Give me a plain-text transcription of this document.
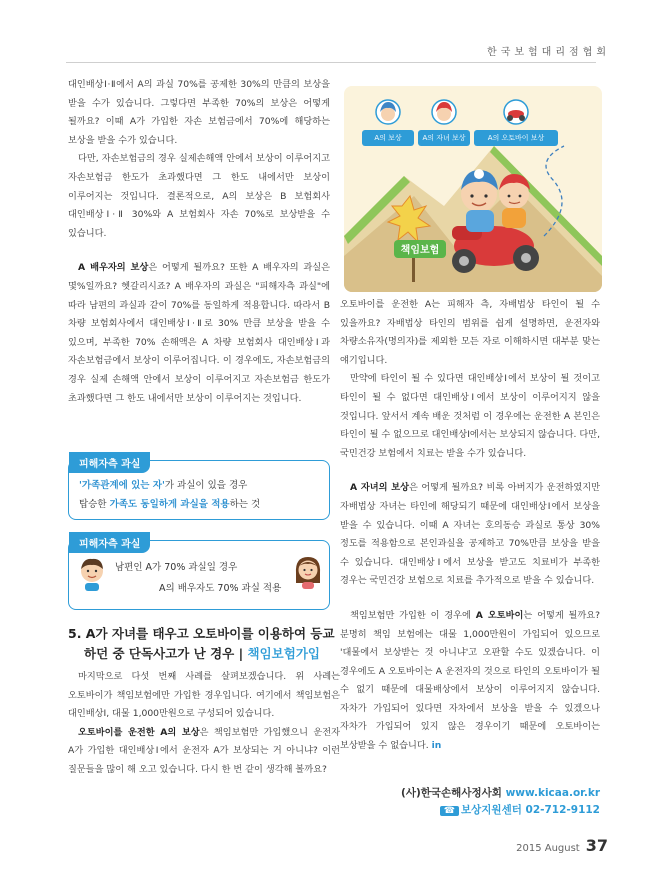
한국보험대리점협회

대인배상Ⅰ·Ⅱ에서 A의 과실 70%를 공제한 30%의 만큼의 보상을 받을 수가 있습니다. 그렇다면 부족한 70%의 보상은 어떻게 될까요? 이때 A가 가입한 자손 보험금에서 70%에 해당하는 보상을 받을 수가 있습니다.

다만, 자손보험금의 경우 실제손해액 안에서 보상이 이루어지고 자손보험금 한도가 초과했다면 그 한도 내에서만 보상이 이루어지는 것입니다. 결론적으로, A의 보상은 B 보험회사 대인배상Ⅰ·Ⅱ 30%와 A 보험회사 자손 70%로 보상받을 수 있습니다.

A 배우자의 보상은 어떻게 될까요? 또한 A 배우자의 과실은 몇%일까요? 헷갈리시죠? A 배우자의 과실은 "피해자측 과실"에 따라 남편의 과실과 같이 70%를 동일하게 적용합니다. 따라서 B 차량 보험회사에서 대인배상Ⅰ·Ⅱ로 30% 만큼 보상을 받을 수 있으며, 부족한 70% 손해액은 A 차량 보험회사 대인배상Ⅰ과 자손보험금에서 보상이 이루어집니다. 이 경우에도, 자손보험금의 경우 실제 손해액 안에서 보상이 이루어지고 자손보험금 한도가 초과했다면 그 한도 내에서만 보상이 이루어지는 것입니다.

피해자측 과실
'가족관계에 있는 자'가 과실이 있을 경우
탑승한 가족도 동일하게 과실을 적용하는 것
피해자측 과실
남편인 A가 70% 과실일 경우
A의 배우자도 70% 과실 적용
5. A가 자녀를 태우고 오토바이를 이용하여 등교
하던 중 단독사고가 난 경우 | 책임보험가입

마지막으로 다섯 번째 사례를 살펴보겠습니다. 위 사례는 오토바이가 책임보험에만 가입한 경우입니다. 여기에서 책임보험은 대인배상Ⅰ, 대물 1,000만원으로 구성되어 있습니다.

오토바이를 운전한 A의 보상은 책임보험만 가입했으니 운전자 A가 가입한 대인배상Ⅰ에서 운전자 A가 보상되는 거 아니냐? 이런 질문들을 많이 해 오고 있습니다. 다시 한 번 같이 생각해 볼까요?

책임보험
A의 보상	A의 자녀 보상	A의 오토바이 보상

오토바이를 운전한 A는 피해자 측, 자배법상 타인이 될 수 있을까요? 자배법상 타인의 범위를 쉽게 설명하면, 운전자와 차량소유자(명의자)를 제외한 모든 자로 이해하시면 대부분 맞는 얘기입니다.

만약에 타인이 될 수 있다면 대인배상Ⅰ에서 보상이 될 것이고 타인이 될 수 없다면 대인배상Ⅰ에서 보상이 이루어지지 않을 것입니다. 앞서서 계속 배운 것처럼 이 경우에는 운전한 A 본인은 타인이 될 수 없으므로 대인배상Ⅰ에서는 보상되지 않습니다. 다만, 국민건강 보험에서 치료는 받을 수가 있습니다.

A 자녀의 보상은 어떻게 될까요? 비록 아버지가 운전하였지만 자배법상 자녀는 타인에 해당되기 때문에 대인배상Ⅰ에서 보상을 받을 수 있습니다. 이때 A 자녀는 호의동승 과실로 통상 30% 정도를 적용함으로 본인과실을 공제하고 70%만큼 보상을 받을 수 있습니다. 대인배상Ⅰ에서 보상을 받고도 치료비가 부족한 경우는 국민건강 보험으로 치료를 추가적으로 받을 수 있습니다.

책임보험만 가입한 이 경우에 A 오토바이는 어떻게 될까요? 분명히 책임 보험에는 대물 1,000만원이 가입되어 있으므로 '대물에서 보상받는 것 아니냐'고 오판할 수도 있겠습니다. 이 경우에도 A 오토바이는 A 운전자의 것으로 타인의 오토바이가 될 수 없기 때문에 대물배상에서 보상이 이루어지지 않습니다. 자차가 가입되어 있다면 자차에서 보상을 받을 수 있겠으나 자차가 가입되어 있지 않은 경우이기 때문에 오토바이는 보상받을 수 없습니다. in

(사)한국손해사정사회 www.kicaa.or.kr
☎ 보상지원센터 02-712-9112
2015 August 37
